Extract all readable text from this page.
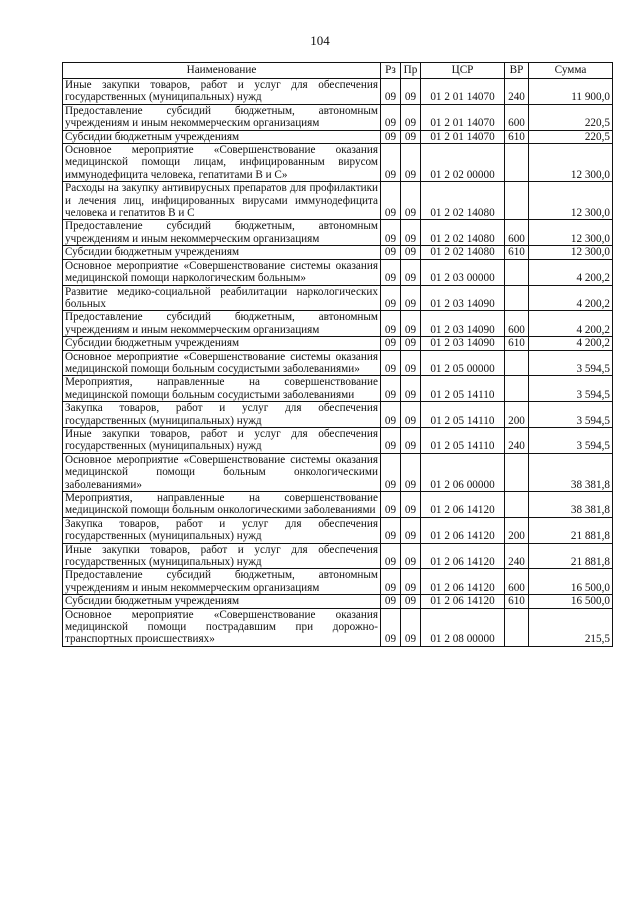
104
Наименование	Рз	Пр	ЦСР	ВР	Сумма
Иные закупки товаров, работ и услуг для обеспечения государственных (муниципальных) нужд	09	09	01 2 01 14070	240	11 900,0
Предоставление субсидий бюджетным, автономным учреждениям и иным некоммерческим организациям	09	09	01 2 01 14070	600	220,5
Субсидии бюджетным учреждениям	09	09	01 2 01 14070	610	220,5
Основное мероприятие «Совершенствование оказания медицинской помощи лицам, инфицированным вирусом иммунодефицита человека, гепатитами В и С»	09	09	01 2 02 00000		12 300,0
Расходы на закупку антивирусных препаратов для профилактики и лечения лиц, инфицированных вирусами иммунодефицита человека и гепатитов В и С	09	09	01 2 02 14080		12 300,0
Предоставление субсидий бюджетным, автономным учреждениям и иным некоммерческим организациям	09	09	01 2 02 14080	600	12 300,0
Субсидии бюджетным учреждениям	09	09	01 2 02 14080	610	12 300,0
Основное мероприятие «Совершенствование системы оказания медицинской помощи наркологическим больным»	09	09	01 2 03 00000		4 200,2
Развитие медико-социальной реабилитации наркологических больных	09	09	01 2 03 14090		4 200,2
Предоставление субсидий бюджетным, автономным учреждениям и иным некоммерческим организациям	09	09	01 2 03 14090	600	4 200,2
Субсидии бюджетным учреждениям	09	09	01 2 03 14090	610	4 200,2
Основное мероприятие «Совершенствование системы оказания медицинской помощи больным сосудистыми заболеваниями»	09	09	01 2 05 00000		3 594,5
Мероприятия, направленные на совершенствование медицинской помощи больным сосудистыми заболеваниями	09	09	01 2 05 14110		3 594,5
Закупка товаров, работ и услуг для обеспечения государственных (муниципальных) нужд	09	09	01 2 05 14110	200	3 594,5
Иные закупки товаров, работ и услуг для обеспечения государственных (муниципальных) нужд	09	09	01 2 05 14110	240	3 594,5
Основное мероприятие «Совершенствование системы оказания медицинской помощи больным онкологическими заболеваниями»	09	09	01 2 06 00000		38 381,8
Мероприятия, направленные на совершенствование медицинской помощи больным онкологическими заболеваниями	09	09	01 2 06 14120		38 381,8
Закупка товаров, работ и услуг для обеспечения государственных (муниципальных) нужд	09	09	01 2 06 14120	200	21 881,8
Иные закупки товаров, работ и услуг для обеспечения государственных (муниципальных) нужд	09	09	01 2 06 14120	240	21 881,8
Предоставление субсидий бюджетным, автономным учреждениям и иным некоммерческим организациям	09	09	01 2 06 14120	600	16 500,0
Субсидии бюджетным учреждениям	09	09	01 2 06 14120	610	16 500,0
Основное мероприятие «Совершенствование оказания медицинской помощи пострадавшим при дорожно-транспортных происшествиях»	09	09	01 2 08 00000		215,5
